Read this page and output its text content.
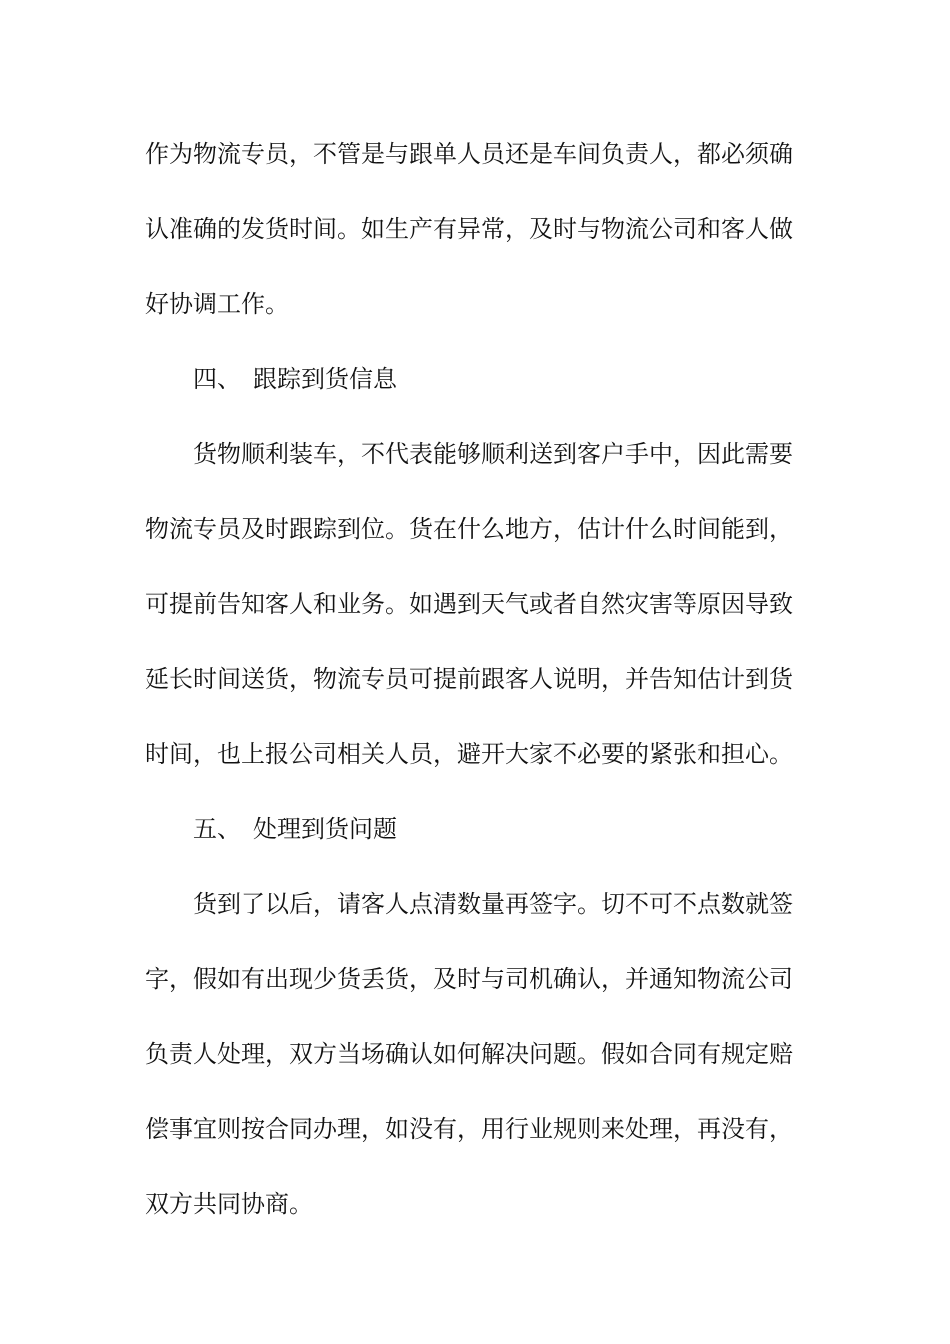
作为物流专员，不管是与跟单人员还是车间负责人，都必须确
认准确的发货时间。如生产有异常，及时与物流公司和客人做
好协调工作。
四、 跟踪到货信息
货物顺利装车，不代表能够顺利送到客户手中，因此需要
物流专员及时跟踪到位。货在什么地方，估计什么时间能到，
可提前告知客人和业务。如遇到天气或者自然灾害等原因导致
延长时间送货，物流专员可提前跟客人说明，并告知估计到货
时间，也上报公司相关人员，避开大家不必要的紧张和担心。
五、 处理到货问题
货到了以后，请客人点清数量再签字。切不可不点数就签
字，假如有出现少货丢货，及时与司机确认，并通知物流公司
负责人处理，双方当场确认如何解决问题。假如合同有规定赔
偿事宜则按合同办理，如没有，用行业规则来处理，再没有，
双方共同协商。
